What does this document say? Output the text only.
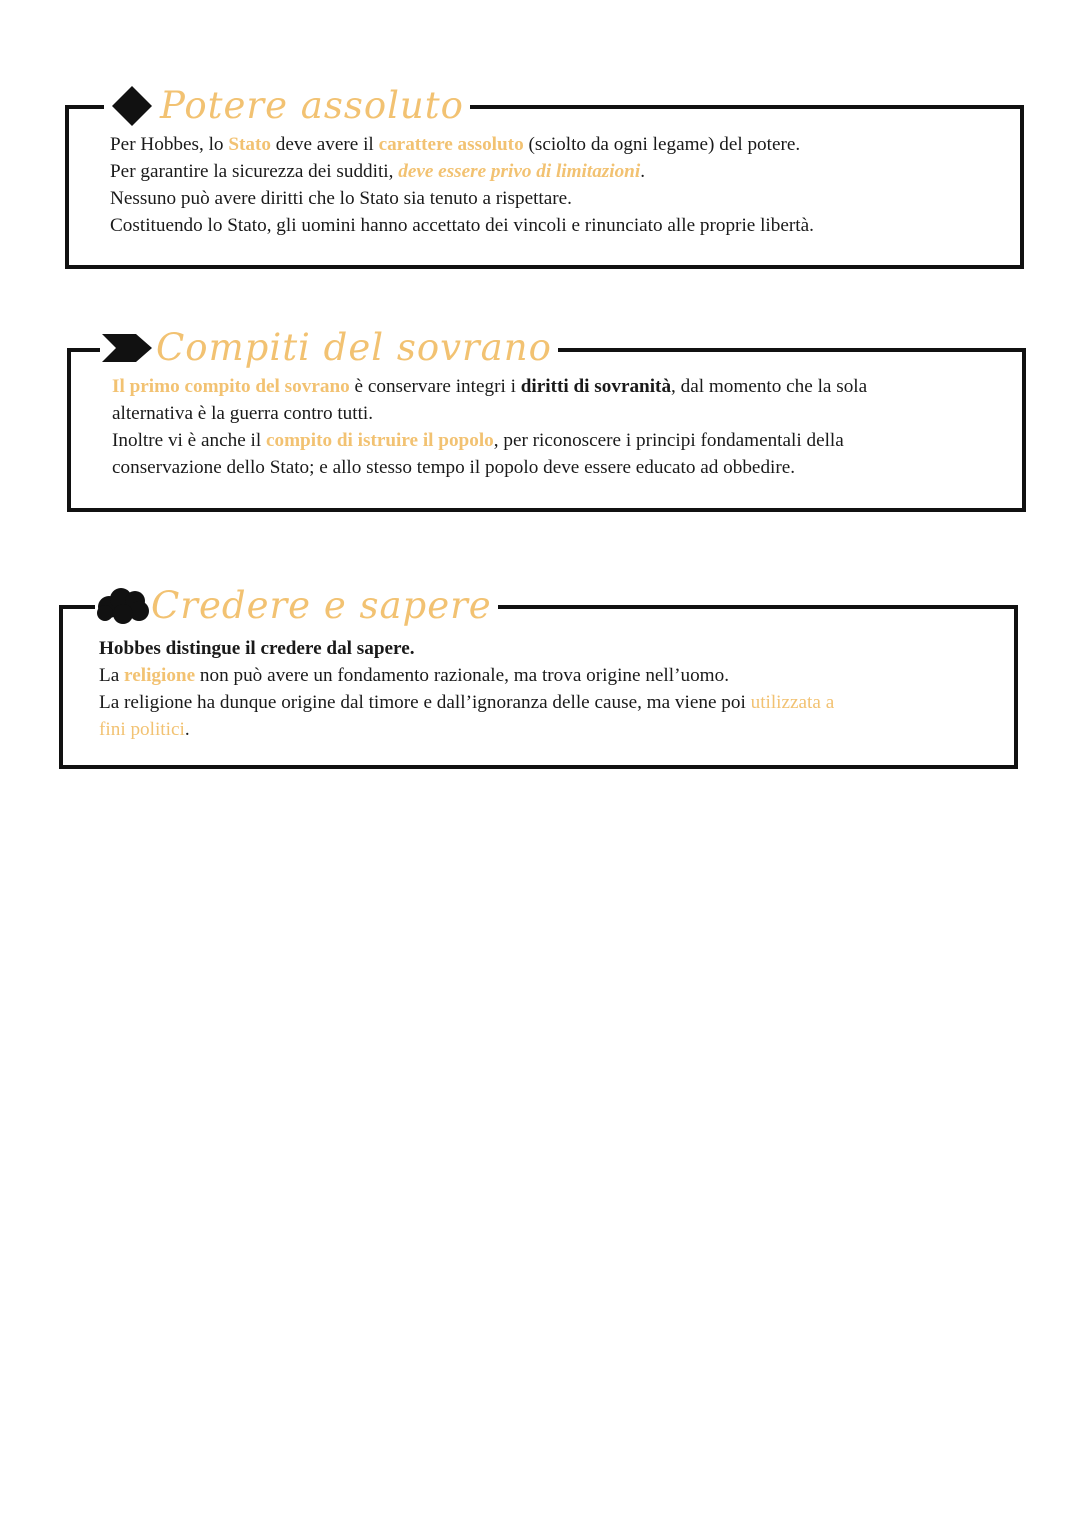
Potere assoluto
Per Hobbes, lo Stato deve avere il carattere assoluto (sciolto da ogni legame) del potere.
Per garantire la sicurezza dei sudditi, deve essere privo di limitazioni.
Nessuno può avere diritti che lo Stato sia tenuto a rispettare.
Costituendo lo Stato, gli uomini hanno accettato dei vincoli e rinunciato alle proprie libertà.
Compiti del sovrano
Il primo compito del sovrano è conservare integri i diritti di sovranità, dal momento che la sola
alternativa è la guerra contro tutti.
Inoltre vi è anche il compito di istruire il popolo, per riconoscere i principi fondamentali della
conservazione dello Stato; e allo stesso tempo il popolo deve essere educato ad obbedire.
Credere e sapere
Hobbes distingue il credere dal sapere.
La religione non può avere un fondamento razionale, ma trova origine nell’uomo.
La religione ha dunque origine dal timore e dall’ignoranza delle cause, ma viene poi utilizzata a
fini politici.
